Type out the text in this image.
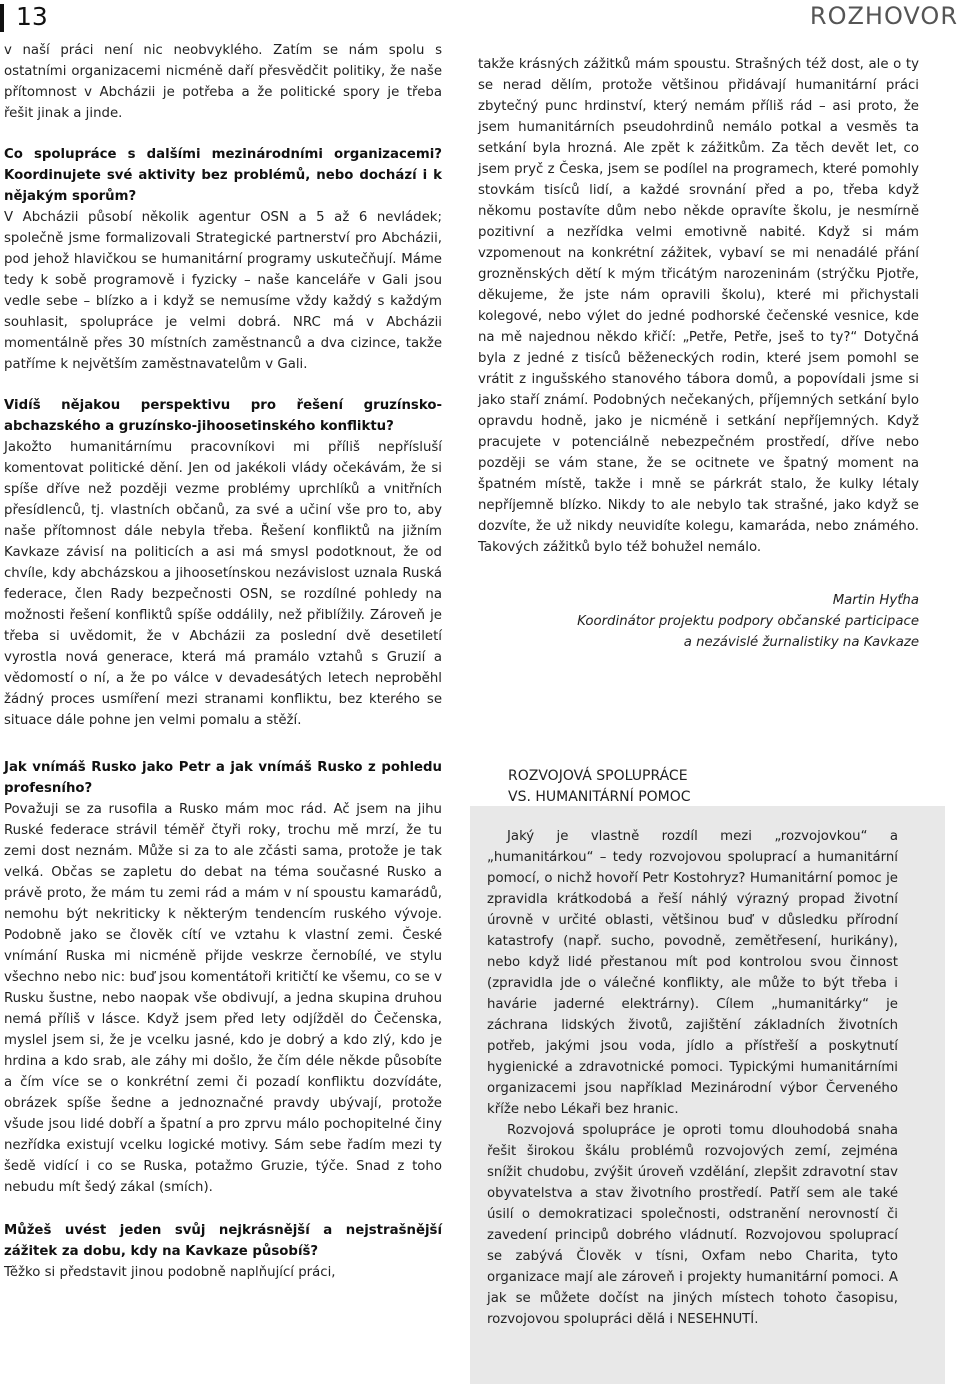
13	ROZHOVOR

v naší práci není nic neobvyklého. Zatím se nám spolu s ostatními organizacemi nicméně daří přesvědčit politiky, že naše přítomnost v Abcházii je potřeba a že politické spory je třeba řešit jinak a jinde.

Co spolupráce s dalšími mezinárodními organizacemi? Koordinujete své aktivity bez problémů, nebo dochází i k nějakým sporům?

V Abcházii působí několik agentur OSN a 5 až 6 nevládek; společně jsme formalizovali Strategické partnerství pro Abcházii, pod jehož hlavičkou se humanitární programy uskutečňují. Máme tedy k sobě programově i fyzicky – naše kanceláře v Gali jsou vedle sebe – blízko a i když se nemusíme vždy každý s každým souhlasit, spolupráce je velmi dobrá. NRC má v Abcházii momentálně přes 30 místních zaměstnanců a dva cizince, takže patříme k největším zaměstnavatelům v Gali.

Vidíš nějakou perspektivu pro řešení gruzínsko-abchazského a gruzínsko-jihoosetinského konfliktu?

Jakožto humanitárnímu pracovníkovi mi příliš nepřísluší komentovat politické dění. Jen od jakékoli vlády očekávám, že si spíše dříve než později vezme problémy uprchlíků a vnitřních přesídlenců, tj. vlastních občanů, za své a učiní vše pro to, aby naše přítomnost dále nebyla třeba. Řešení konfliktů na jižním Kavkaze závisí na politicích a asi má smysl podotknout, že od chvíle, kdy abcházskou a jihoosetínskou nezávislost uznala Ruská federace, člen Rady bezpečnosti OSN, se rozdílné pohledy na možnosti řešení konfliktů spíše oddálily, než přiblížily. Zároveň je třeba si uvědomit, že v Abcházii za poslední dvě desetiletí vyrostla nová generace, která má pramálo vztahů s Gruzií a vědomostí o ní, a že po válce v devadesátých letech neproběhl žádný proces usmíření mezi stranami konfliktu, bez kterého se situace dále pohne jen velmi pomalu a stěží.

Jak vnímáš Rusko jako Petr a jak vnímáš Rusko z pohledu profesního?

Považuji se za rusofila a Rusko mám moc rád. Ač jsem na jihu Ruské federace strávil téměř čtyři roky, trochu mě mrzí, že tu zemi dost neznám. Může si za to ale zčásti sama, protože je tak velká. Občas se zapletu do debat na téma současné Rusko a právě proto, že mám tu zemi rád a mám v ní spoustu kamarádů, nemohu být nekriticky k některým tendencím ruského vývoje. Podobně jako se člověk cítí ve vztahu k vlastní zemi. České vnímání Ruska mi nicméně přijde veskrze černobílé, ve stylu všechno nebo nic: buď jsou komentátoři kritičtí ke všemu, co se v Rusku šustne, nebo naopak vše obdivují, a jedna skupina druhou nemá příliš v lásce. Když jsem před lety odjížděl do Čečenska, myslel jsem si, že je vcelku jasné, kdo je dobrý a kdo zlý, kdo je hrdina a kdo srab, ale záhy mi došlo, že čím déle někde působíte a čím více se o konkrétní zemi či pozadí konfliktu dozvídáte, obrázek spíše šedne a jednoznačné pravdy ubývají, protože všude jsou lidé dobří a špatní a pro zprvu málo pochopitelné činy nezřídka existují vcelku logické motivy. Sám sebe řadím mezi ty šedě vidící i co se Ruska, potažmo Gruzie, týče. Snad z toho nebudu mít šedý zákal (smích).

Můžeš uvést jeden svůj nejkrásnější a nejstrašnější zážitek za dobu, kdy na Kavkaze působíš?

Těžko si představit jinou podobně naplňující práci,

takže krásných zážitků mám spoustu. Strašných též dost, ale o ty se nerad dělím, protože většinou přidávají humanitární práci zbytečný punc hrdinství, který nemám příliš rád – asi proto, že jsem humanitárních pseudohrdinů nemálo potkal a vesměs ta setkání byla hrozná. Ale zpět k zážitkům. Za těch devět let, co jsem pryč z Česka, jsem se podílel na programech, které pomohly stovkám tisíců lidí, a každé srovnání před a po, třeba když někomu postavíte dům nebo někde opravíte školu, je nesmírně pozitivní a nezřídka velmi emotivně nabité. Když si mám vzpomenout na konkrétní zážitek, vybaví se mi nenadálé přání grozněnských dětí k mým třicátým narozeninám (strýčku Pjotře, děkujeme, že jste nám opravili školu), které mi přichystali kolegové, nebo výlet do jedné podhorské čečenské vesnice, kde na mě najednou někdo křičí: „Petře, Petře, jseš to ty?“ Dotyčná byla z jedné z tisíců běženeckých rodin, které jsem pomohl se vrátit z ingušského stanového tábora domů, a popovídali jsme si jako staří známí. Podobných nečekaných, příjemných setkání bylo opravdu hodně, jako je nicméně i setkání nepříjemných. Když pracujete v potenciálně nebezpečném prostředí, dříve nebo později se vám stane, že se ocitnete ve špatný moment na špatném místě, takže i mně se párkrát stalo, že kulky létaly nepříjemně blízko. Nikdy to ale nebylo tak strašné, jako když se dozvíte, že už nikdy neuvidíte kolegu, kamaráda, nebo známého. Takových zážitků bylo též bohužel nemálo.

Martin Hyťha

Koordinátor projektu podpory občanské participace

a nezávislé žurnalistiky na Kavkaze

ROZVOJOVÁ SPOLUPRÁCE
VS. HUMANITÁRNÍ POMOC

Jaký je vlastně rozdíl mezi „rozvojovkou“ a „humanitárkou“ – tedy rozvojovou spoluprací a humanitární pomocí, o nichž hovoří Petr Kostohryz? Humanitární pomoc je zpravidla krátkodobá a řeší náhlý výrazný propad životní úrovně v určité oblasti, většinou buď v důsledku přírodní katastrofy (např. sucho, povodně, zemětřesení, hurikány), nebo když lidé přestanou mít pod kontrolou svou činnost (zpravidla jde o válečné konflikty, ale může to být třeba i havárie jaderné elektrárny). Cílem „humanitárky“ je záchrana lidských životů, zajištění základních životních potřeb, jakými jsou voda, jídlo a přístřeší a poskytnutí hygienické a zdravotnické pomoci. Typickými humanitárními organizacemi jsou například Mezinárodní výbor Červeného kříže nebo Lékaři bez hranic.

Rozvojová spolupráce je oproti tomu dlouhodobá snaha řešit širokou škálu problémů rozvojových zemí, zejména snížit chudobu, zvýšit úroveň vzdělání, zlepšit zdravotní stav obyvatelstva a stav životního prostředí. Patří sem ale také úsilí o demokratizaci společnosti, odstranění nerovností či zavedení principů dobrého vládnutí. Rozvojovou spoluprací se zabývá Člověk v tísni, Oxfam nebo Charita, tyto organizace mají ale zároveň i projekty humanitární pomoci. A jak se můžete dočíst na jiných místech tohoto časopisu, rozvojovou spolupráci dělá i NESEHNUTÍ.
